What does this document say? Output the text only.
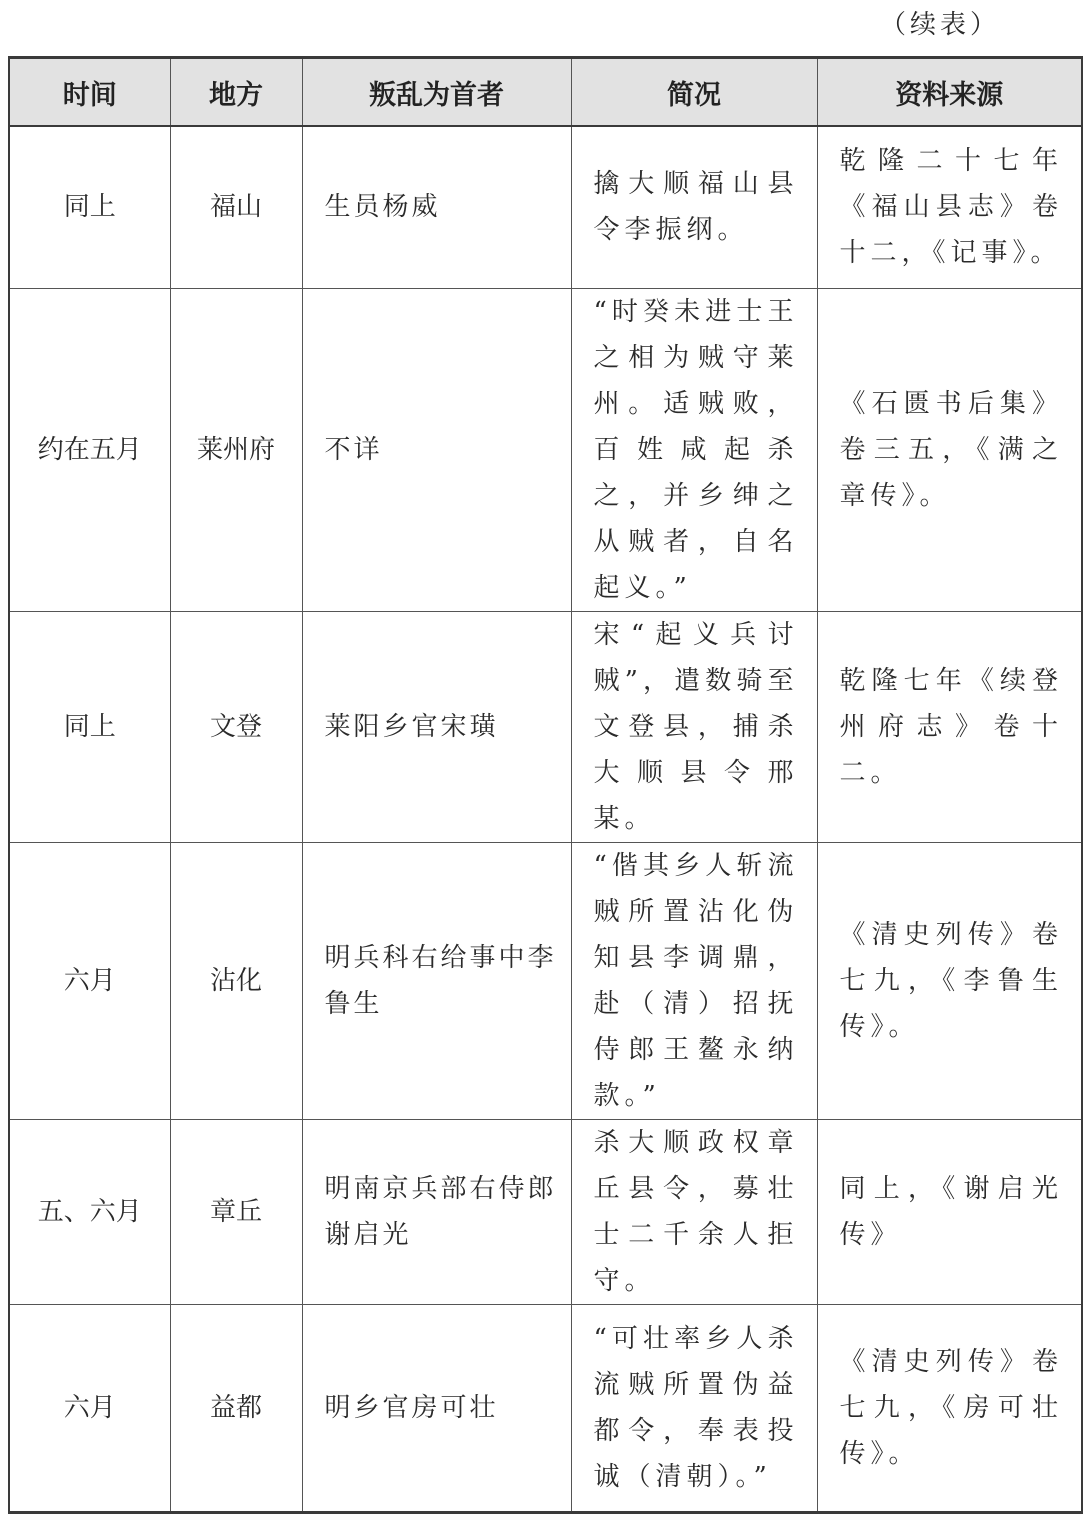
（续表）
时间	地方	叛乱为首者	简况	资料来源
同上	福山	生员杨威	擒大顺福山县令李振纲。	乾隆二十七年《福山县志》卷十二，《记事》。

约在五月	莱州府	不详	“时癸未进士王之相为贼守莱州。适贼败，百姓咸起杀之，并乡绅之从贼者，自名起义。”	《石匮书后集》卷三五，《满之章传》。

同上	文登	莱阳乡官宋璜	宋“起义兵讨贼”，遣数骑至文登县，捕杀大顺县令邢某。	乾隆七年《续登州府志》卷十二。

六月	沾化	明兵科右给事中李鲁生	“偕其乡人斩流贼所置沾化伪知县李调鼎，赴（清）招抚侍郎王鳌永纳款。”	《清史列传》卷七九，《李鲁生传》。

五、六月	章丘	明南京兵部右侍郎谢启光	杀大顺政权章丘县令，募壮士二千余人拒守。	同上，《谢启光传》

六月	益都	明乡官房可壮	“可壮率乡人杀流贼所置伪益都令，奉表投诚（清朝）。”	《清史列传》卷七九，《房可壮传》。
